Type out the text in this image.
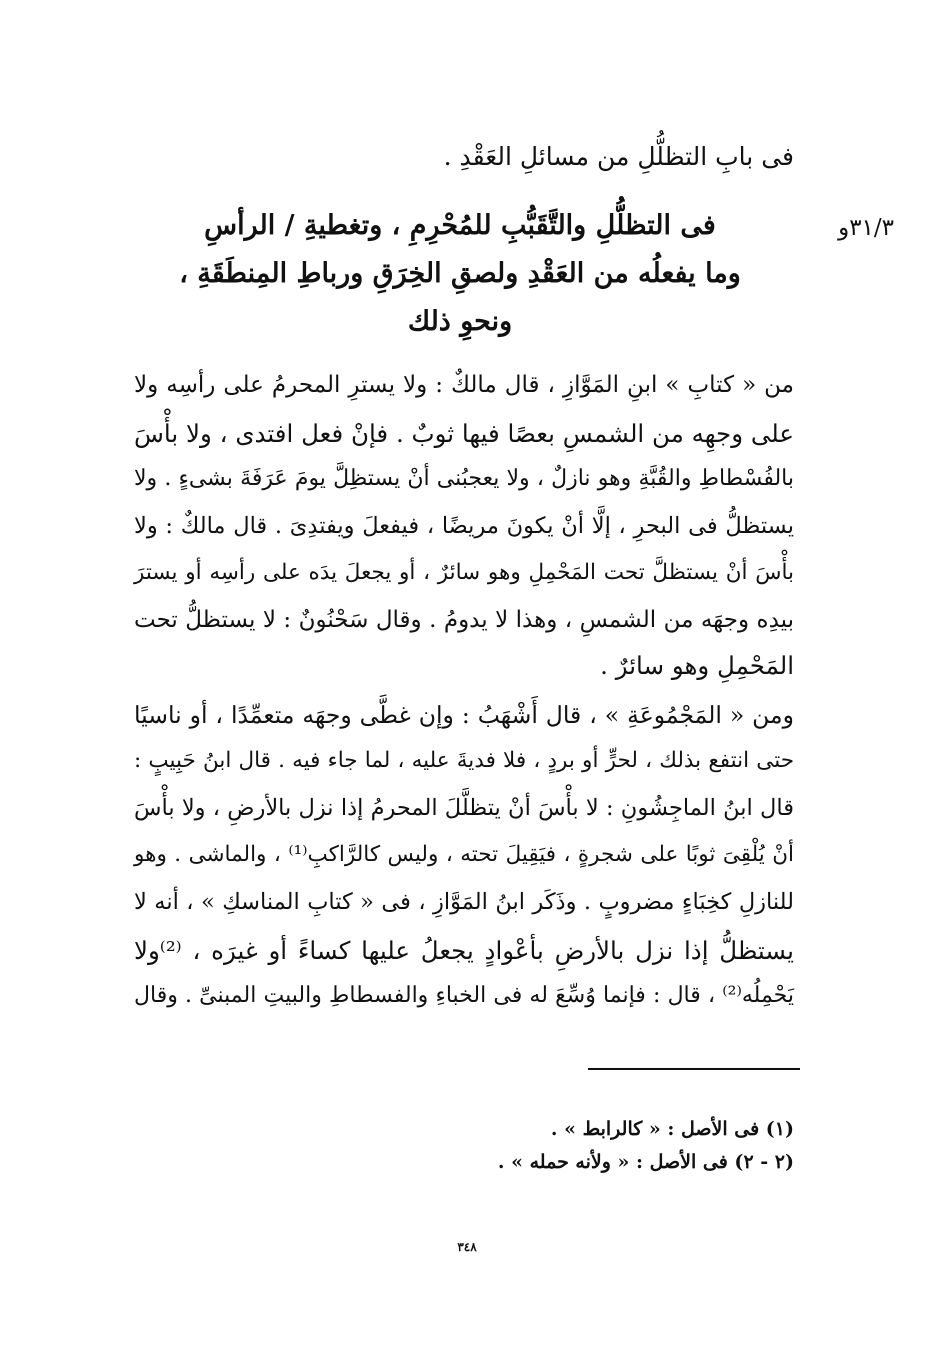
فى بابِ التظلُّلِ من مسائلِ العَقْدِ .
٣١/٣و
فى التظلُّلِ والتَّقَبُّبِ للمُحْرِمِ ، وتغطيةِ / الرأسِ
وما يفعلُه من العَقْدِ ولصقِ الخِرَقِ ورباطِ المِنطَقَةِ ،
ونحوِ ذلك
من « كتابِ » ابنِ المَوَّازِ ، قال مالكٌ : ولا يسترِ المحرمُ على رأسِه ولا
على وجهِه من الشمسِ بعصًا فيها ثوبٌ . فإنْ فعل افتدى ، ولا بأْسَ
بالفُسْطاطِ والقُبَّةِ وهو نازلٌ ، ولا يعجبُنى أنْ يستظِلَّ يومَ عَرَفَةَ بشىءٍ . ولا
يستظلُّ فى البحرِ ، إلَّا أنْ يكونَ مريضًا ، فيفعلَ ويفتدِىَ . قال مالكٌ : ولا
بأْسَ أنْ يستظلَّ تحت المَحْمِلِ وهو سائرٌ ، أو يجعلَ يدَه على رأسِه أو يسترَ
بيدِه وجهَه من الشمسِ ، وهذا لا يدومُ . وقال سَحْنُونٌ : لا يستظلُّ تحت
المَحْمِلِ وهو سائرٌ .
ومن « المَجْمُوعَةِ » ، قال أَشْهَبُ : وإن غطَّى وجهَه متعمِّدًا ، أو ناسيًا
حتى انتفع بذلك ، لحرٍّ أو بردٍ ، فلا فديةَ عليه ، لما جاء فيه . قال ابنُ حَبِيبٍ :
قال ابنُ الماجِشُونِ : لا بأْسَ أنْ يتظلَّلَ المحرمُ إذا نزل بالأرضِ ، ولا بأْسَ
أنْ يُلْقِىَ ثوبًا على شجرةٍ ، فيَقِيلَ تحته ، وليس كالرَّاكبِ⁽¹⁾ ، والماشى . وهو
للنازلِ كخِبَاءٍ مضروبٍ . وذَكَر ابنُ المَوَّازِ ، فى « كتابِ المناسكِ » ، أنه لا
يستظلُّ إذا نزل بالأرضِ بأعْوادٍ يجعلُ عليها كساءً أو غيرَه ، ⁽²⁾ولا
يَحْمِلُه⁽²⁾ ، قال : فإنما وُسِّعَ له فى الخباءِ والفسطاطِ والبيتِ المبنىِّ . وقال
(١) فى الأصل : « كالرابط » .
(٢ - ٢) فى الأصل : « ولأنه حمله » .
٣٤٨
